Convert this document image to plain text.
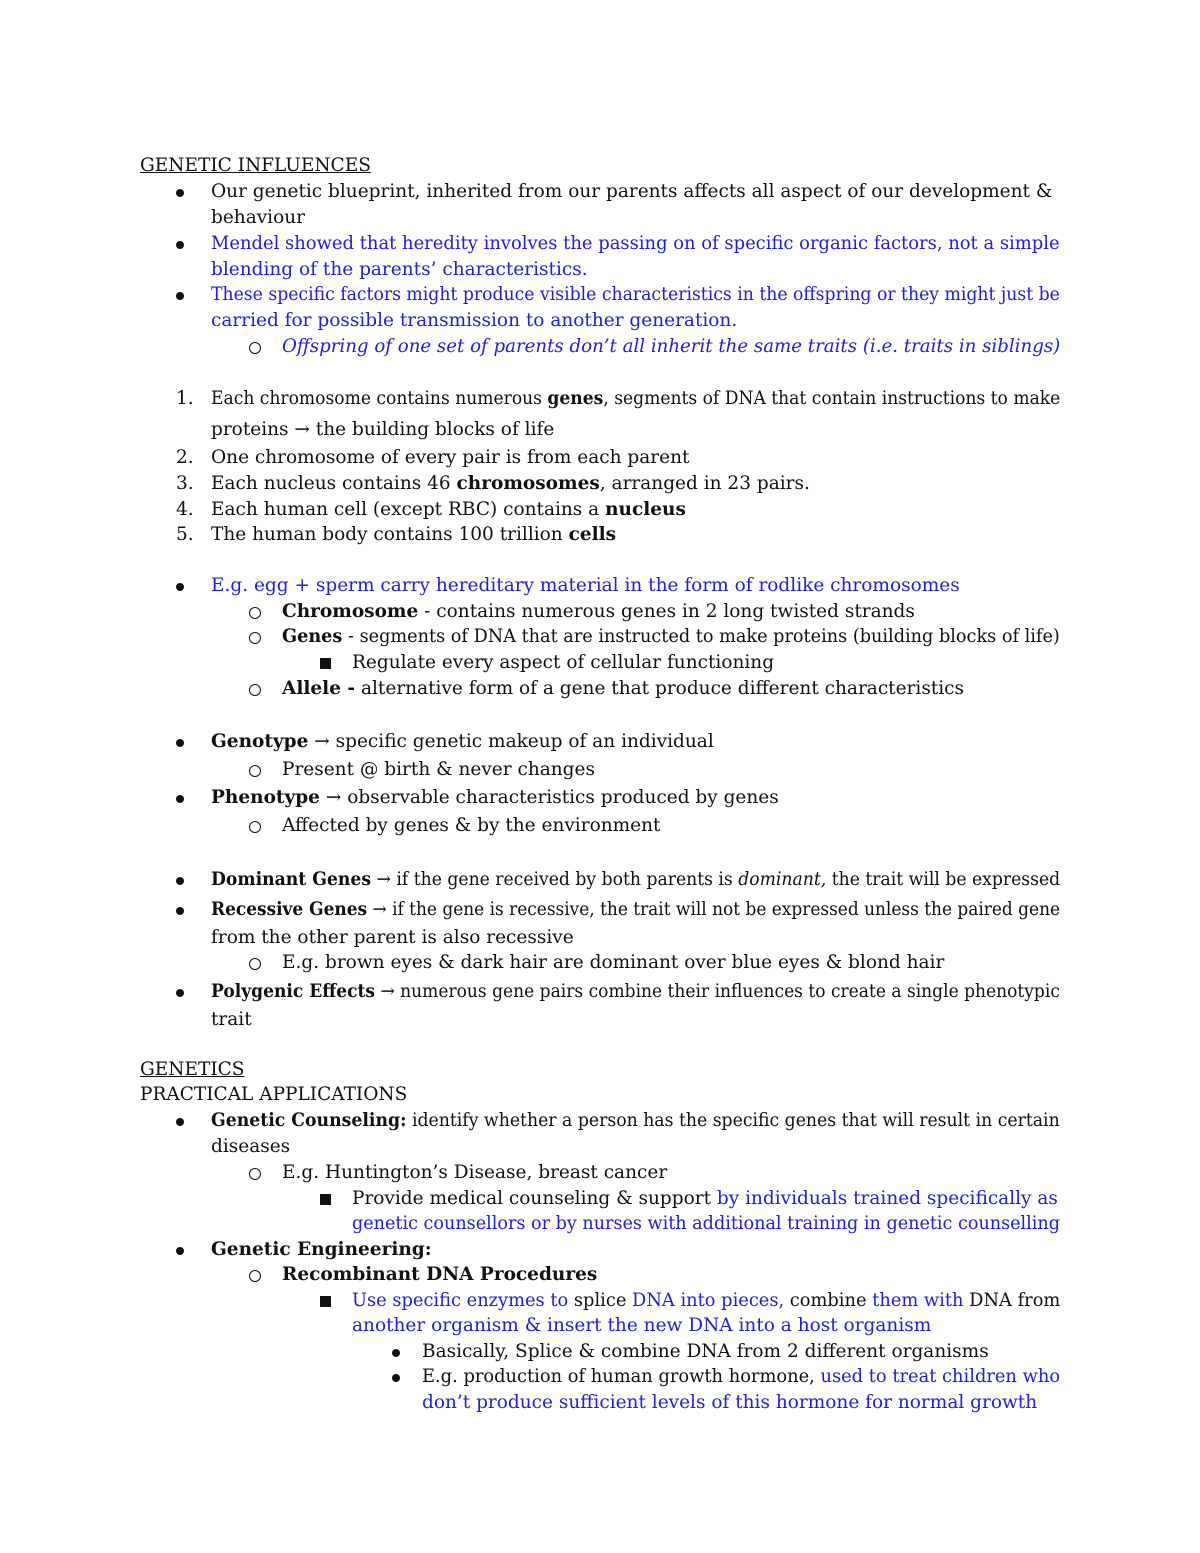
GENETIC INFLUENCES
Our genetic blueprint, inherited from our parents affects all aspect of our development &
behaviour
Mendel showed that heredity involves the passing on of specific organic factors, not a simple
blending of the parents’ characteristics.
These specific factors might produce visible characteristics in the offspring or they might just be
carried for possible transmission to another generation.
Offspring of one set of parents don’t all inherit the same traits (i.e. traits in siblings)
1. Each chromosome contains numerous genes, segments of DNA that contain instructions to make
proteins → the building blocks of life
2. One chromosome of every pair is from each parent
3. Each nucleus contains 46 chromosomes, arranged in 23 pairs.
4. Each human cell (except RBC) contains a nucleus
5. The human body contains 100 trillion cells
E.g. egg + sperm carry hereditary material in the form of rodlike chromosomes
Chromosome - contains numerous genes in 2 long twisted strands
Genes - segments of DNA that are instructed to make proteins (building blocks of life)
Regulate every aspect of cellular functioning
Allele - alternative form of a gene that produce different characteristics
Genotype → specific genetic makeup of an individual
Present @ birth & never changes
Phenotype → observable characteristics produced by genes
Affected by genes & by the environment
Dominant Genes → if the gene received by both parents is dominant, the trait will be expressed
Recessive Genes → if the gene is recessive, the trait will not be expressed unless the paired gene
from the other parent is also recessive
E.g. brown eyes & dark hair are dominant over blue eyes & blond hair
Polygenic Effects → numerous gene pairs combine their influences to create a single phenotypic
trait
GENETICS
PRACTICAL APPLICATIONS
Genetic Counseling: identify whether a person has the specific genes that will result in certain
diseases
E.g. Huntington’s Disease, breast cancer
Provide medical counseling & support by individuals trained specifically as
genetic counsellors or by nurses with additional training in genetic counselling
Genetic Engineering:
Recombinant DNA Procedures
Use specific enzymes to splice DNA into pieces, combine them with DNA from
another organism & insert the new DNA into a host organism
Basically, Splice & combine DNA from 2 different organisms
E.g. production of human growth hormone, used to treat children who
don’t produce sufficient levels of this hormone for normal growth
